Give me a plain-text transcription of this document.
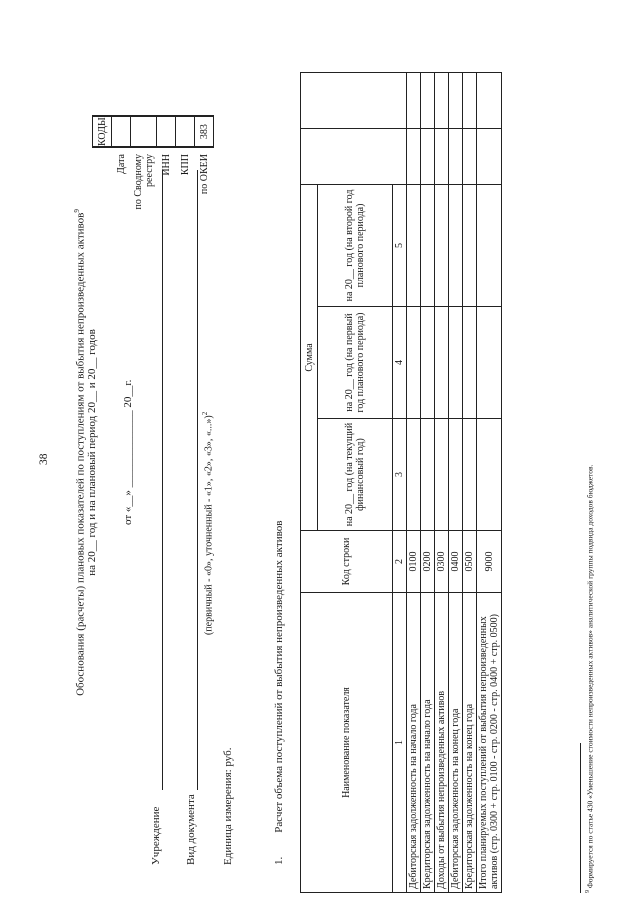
38	Обоснования (расчеты) плановых показателей по поступлениям от выбытия непроизведенных активов$^9$
на 20__ год и на плановый период 20__ и 20__ годов от «__» ______________ 20__г.
	КОДЫ
Дата	
по Сводному реестру	
ИНН	
КПП	
по ОКЕИ	383
Учреждение Вид документа
(первичный - «0», уточненный - «1», «2», «3», «...»)$^2$
Единица измерения: руб.	1.Расчет объема поступлений от выбытия непроизведенных активов	Наименование показателя	Код строки	Сумма				
		на 20__ год (на текущий финансовый год)	на 20__ год (на первый год планового периода)	на 20__ год (на второй год планового периода)		
1	2	3	4	5		
Дебиторская задолженность на начало года	0100					
Кредиторская задолженность на начало года	0200					
Доходы от выбытия непроизведенных активов	0300					
Дебиторская задолженность на конец года	0400					
Кредиторская задолженность на конец года	0500					
Итого планируемых поступлений от выбытия непроизведенных активов (стр. 0300 + стр. 0100 - стр. 0200 - стр. 0400 + стр. 0500)	9000					
$^9$ Формируется по статье 430 «Уменьшение стоимости непроизведенных активов» аналитической группы подвида доходов бюджетов.
